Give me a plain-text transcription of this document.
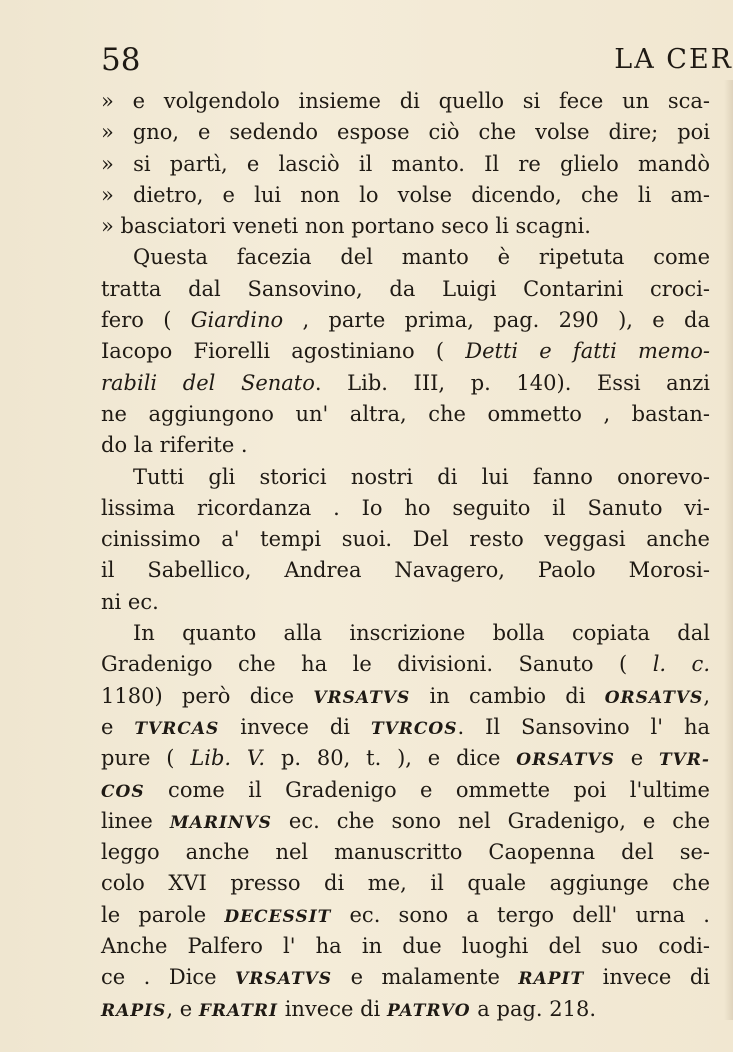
58	LA CER
» e volgendolo insieme di quello si fece un sca-
» gno, e sedendo espose ciò che volse dire; poi
» si partì, e lasciò il manto. Il re glielo mandò
» dietro, e lui non lo volse dicendo, che li am-
» basciatori veneti non portano seco li scagni.
Questa facezia del manto è ripetuta come
tratta dal Sansovino, da Luigi Contarini croci-
fero ( Giardino , parte prima, pag. 290 ), e da
Iacopo Fiorelli agostiniano ( Detti e fatti memo-
rabili del Senato. Lib. III, p. 140). Essi anzi
ne aggiungono un' altra, che ommetto , bastan-
do la riferite .
Tutti gli storici nostri di lui fanno onorevo-
lissima ricordanza . Io ho seguito il Sanuto vi-
cinissimo a' tempi suoi. Del resto veggasi anche
il Sabellico, Andrea Navagero, Paolo Morosi-
ni ec.
In quanto alla inscrizione bolla copiata dal
Gradenigo che ha le divisioni. Sanuto ( l. c.
1180) però dice VRSATVS in cambio di ORSATVS,
e TVRCAS invece di TVRCOS. Il Sansovino l' ha
pure ( Lib. V. p. 80, t. ), e dice ORSATVS e TVR-
COS come il Gradenigo e ommette poi l'ultime
linee MARINVS ec. che sono nel Gradenigo, e che
leggo anche nel manuscritto Caopenna del se-
colo XVI presso di me, il quale aggiunge che
le parole DECESSIT ec. sono a tergo dell' urna .
Anche Palfero l' ha in due luoghi del suo codi-
ce . Dice VRSATVS e malamente RAPIT invece di
RAPIS, e FRATRI invece di PATRVO a pag. 218.
